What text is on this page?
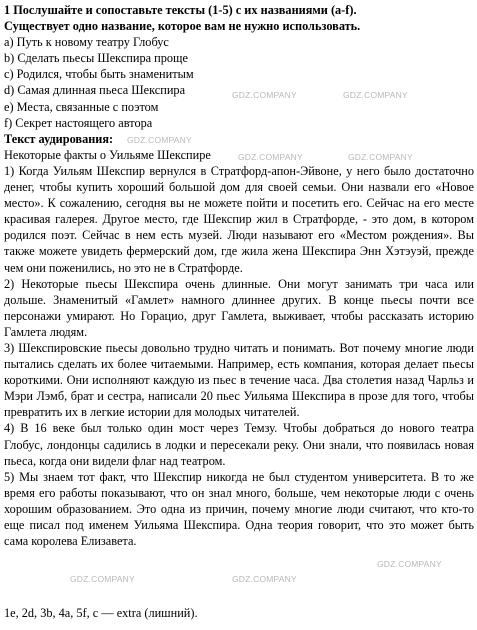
1 Послушайте и сопоставьте тексты (1-5) с их названиями (a-f).
Существует одно название, которое вам не нужно использовать.
a) Путь к новому театру Глобус
b) Сделать пьесы Шекспира проще
c) Родился, чтобы быть знаменитым
d) Самая длинная пьеса Шекспира
e) Места, связанные с поэтом
f) Секрет настоящего автора
Текст аудирования:
Некоторые факты о Уильяме Шекспире
1) Когда Уильям Шекспир вернулся в Стратфорд-апон-Эйвоне, у него было достаточно денег, чтобы купить хороший большой дом для своей семьи. Они назвали его «Новое место». К сожалению, сегодня вы не можете пойти и посетить его. Сейчас на его месте красивая галерея. Другое место, где Шекспир жил в Стратфорде, - это дом, в котором родился поэт. Сейчас в нем есть музей. Люди называют его «Местом рождения». Вы также можете увидеть фермерский дом, где жила жена Шекспира Энн Хэтэуэй, прежде чем они поженились, но это не в Стратфорде.
2) Некоторые пьесы Шекспира очень длинные. Они могут занимать три часа или дольше. Знаменитый «Гамлет» намного длиннее других. В конце пьесы почти все персонажи умирают. Но Горацио, друг Гамлета, выживает, чтобы рассказать историю Гамлета людям.
3) Шекспировские пьесы довольно трудно читать и понимать. Вот почему многие люди пытались сделать их более читаемыми. Например, есть компания, которая делает пьесы короткими. Они исполняют каждую из пьес в течение часа. Два столетия назад Чарльз и Мэри Лэмб, брат и сестра, написали 20 пьес Уильяма Шекспира в прозе для того, чтобы превратить их в легкие истории для молодых читателей.
4) В 16 веке был только один мост через Темзу. Чтобы добраться до нового театра Глобус, лондонцы садились в лодки и пересекали реку. Они знали, что появилась новая пьеса, когда они видели флаг над театром.
5) Мы знаем тот факт, что Шекспир никогда не был студентом университета. В то же время его работы показывают, что он знал много, больше, чем некоторые люди с очень хорошим образованием. Это одна из причин, почему многие люди считают, что кто-то еще писал под именем Уильяма Шекспира. Одна теория говорит, что это может быть сама королева Елизавета.
1e, 2d, 3b, 4a, 5f, c — extra (лишний).
GDZ.COMPANY	GDZ.COMPANY
GDZ.COMPANY
GDZ.COMPANY	GDZ.COMPANY
GDZ.COMPANY
GDZ.COMPANY
GDZ.COMPANY
